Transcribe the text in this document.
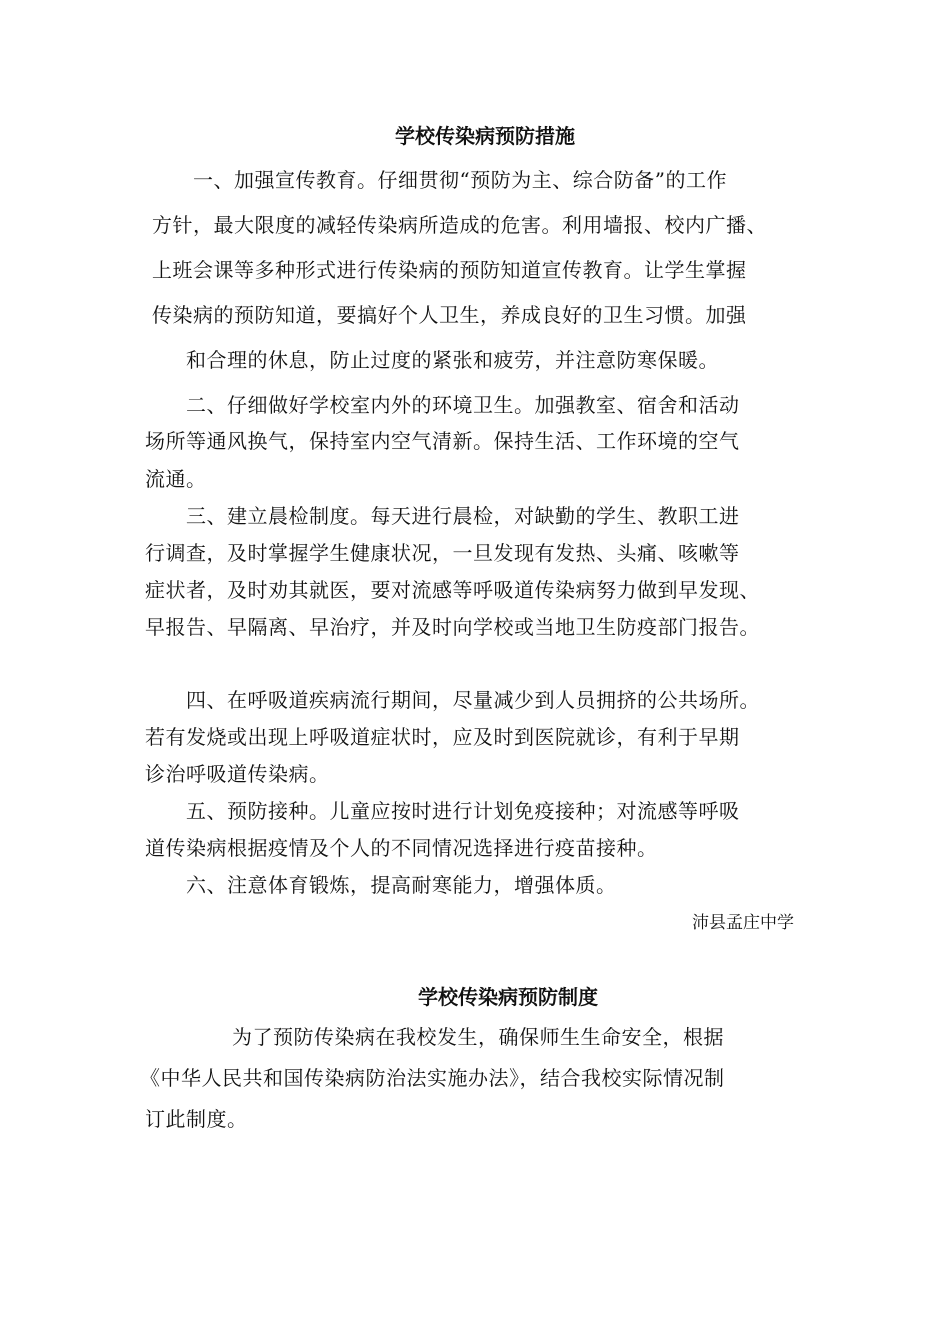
学校传染病预防措施
一、加强宣传教育。仔细贯彻“预防为主、综合防备”的工作
方针，最大限度的减轻传染病所造成的危害。利用墙报、校内广播、
上班会课等多种形式进行传染病的预防知道宣传教育。让学生掌握
传染病的预防知道，要搞好个人卫生，养成良好的卫生习惯。加强
和合理的休息，防止过度的紧张和疲劳，并注意防寒保暖。
二、仔细做好学校室内外的环境卫生。加强教室、宿舍和活动
场所等通风换气，保持室内空气清新。保持生活、工作环境的空气
流通。
三、建立晨检制度。每天进行晨检，对缺勤的学生、教职工进
行调查，及时掌握学生健康状况，一旦发现有发热、头痛、咳嗽等
症状者，及时劝其就医，要对流感等呼吸道传染病努力做到早发现、
早报告、早隔离、早治疗，并及时向学校或当地卫生防疫部门报告。
四、在呼吸道疾病流行期间，尽量减少到人员拥挤的公共场所。
若有发烧或出现上呼吸道症状时，应及时到医院就诊，有利于早期
诊治呼吸道传染病。
五、预防接种。儿童应按时进行计划免疫接种；对流感等呼吸
道传染病根据疫情及个人的不同情况选择进行疫苗接种。
六、注意体育锻炼，提高耐寒能力，增强体质。
沛县孟庄中学
学校传染病预防制度
为了预防传染病在我校发生，确保师生生命安全，根据
《中华人民共和国传染病防治法实施办法》，结合我校实际情况制
订此制度。
